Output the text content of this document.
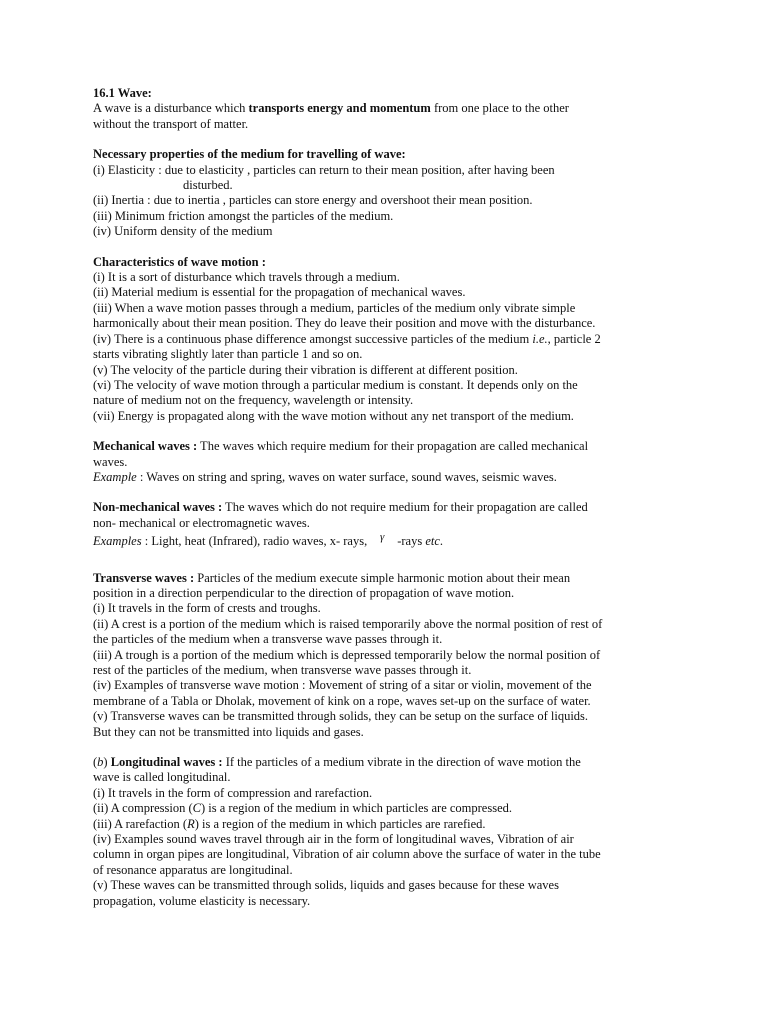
16.1 Wave:
A wave is a disturbance which transports energy and momentum from one place to the other
without the transport of matter.
Necessary properties of the medium for travelling of wave:
(i) Elasticity : due to elasticity , particles can return to their mean position, after having been
disturbed.
(ii) Inertia : due to inertia , particles can store energy and overshoot their mean position.
(iii) Minimum friction amongst the particles of the medium.
(iv) Uniform density of the medium
Characteristics of wave motion :
(i) It is a sort of disturbance which travels through a medium.
(ii) Material medium is essential for the propagation of mechanical waves.
(iii) When a wave motion passes through a medium, particles of the medium only vibrate simple
harmonically about their mean position. They do leave their position and move with the disturbance.
(iv) There is a continuous phase difference amongst successive particles of the medium i.e., particle 2
starts vibrating slightly later than particle 1 and so on.
(v) The velocity of the particle during their vibration is different at different position.
(vi) The velocity of wave motion through a particular medium is constant. It depends only on the
nature of medium not on the frequency, wavelength or intensity.
(vii) Energy is propagated along with the wave motion without any net transport of the medium.
Mechanical waves : The waves which require medium for their propagation are called mechanical
waves.
Example : Waves on string and spring, waves on water surface, sound waves, seismic waves.
Non-mechanical waves : The waves which do not require medium for their propagation are called
non- mechanical or electromagnetic waves.
Examples : Light, heat (Infrared), radio waves, x- rays, γ -rays etc.
Transverse waves : Particles of the medium execute simple harmonic motion about their mean
position in a direction perpendicular to the direction of propagation of wave motion.
(i) It travels in the form of crests and troughs.
(ii) A crest is a portion of the medium which is raised temporarily above the normal position of rest of
the particles of the medium when a transverse wave passes through it.
(iii) A trough is a portion of the medium which is depressed temporarily below the normal position of
rest of the particles of the medium, when transverse wave passes through it.
(iv) Examples of transverse wave motion : Movement of string of a sitar or violin, movement of the
membrane of a Tabla or Dholak, movement of kink on a rope, waves set-up on the surface of water.
(v) Transverse waves can be transmitted through solids, they can be setup on the surface of liquids.
But they can not be transmitted into liquids and gases.
(b) Longitudinal waves : If the particles of a medium vibrate in the direction of wave motion the
wave is called longitudinal.
(i) It travels in the form of compression and rarefaction.
(ii) A compression (C) is a region of the medium in which particles are compressed.
(iii) A rarefaction (R) is a region of the medium in which particles are rarefied.
(iv) Examples sound waves travel through air in the form of longitudinal waves, Vibration of air
column in organ pipes are longitudinal, Vibration of air column above the surface of water in the tube
of resonance apparatus are longitudinal.
(v) These waves can be transmitted through solids, liquids and gases because for these waves
propagation, volume elasticity is necessary.
